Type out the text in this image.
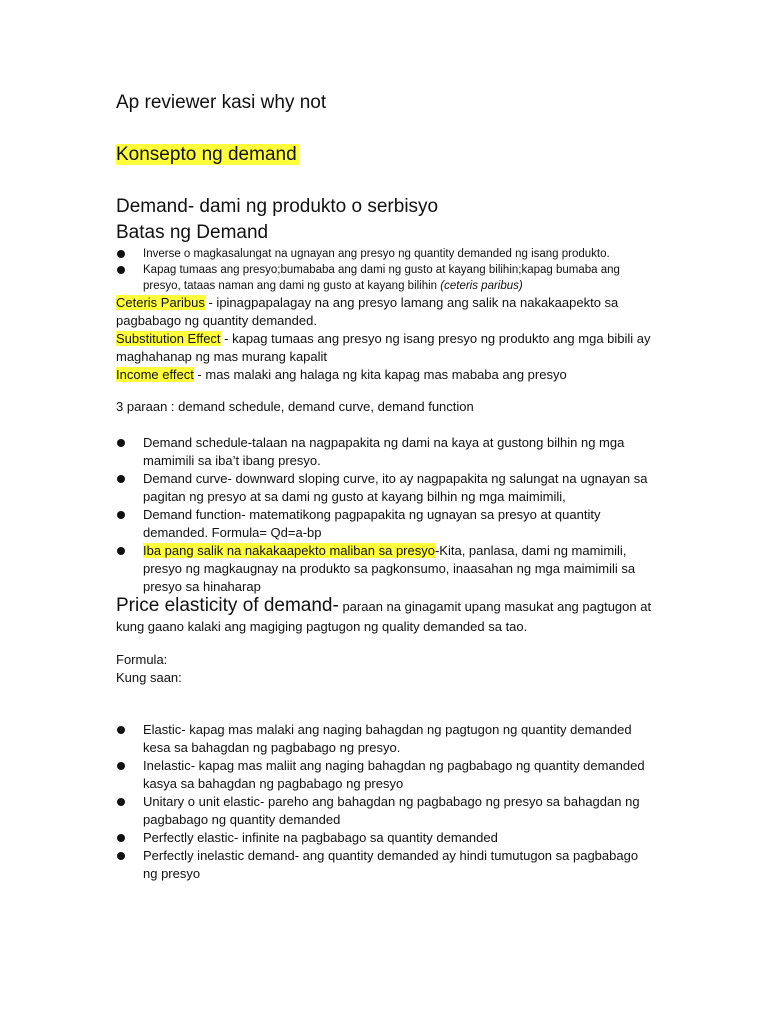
Ap reviewer kasi why not
Konsepto ng demand
Demand- dami ng produkto o serbisyo
Batas ng Demand
Inverse o magkasalungat na ugnayan ang presyo ng quantity demanded ng isang produkto.
Kapag tumaas ang presyo;bumababa ang dami ng gusto at kayang bilihin;kapag bumaba ang presyo, tataas naman ang dami ng gusto at kayang bilihin (ceteris paribus)
Ceteris Paribus - ipinagpapalagay na ang presyo lamang ang salik na nakakaapekto sa pagbabago ng quantity demanded.
Substitution Effect - kapag tumaas ang presyo ng isang presyo ng produkto ang mga bibili ay maghahanap ng mas murang kapalit
Income effect - mas malaki ang halaga ng kita kapag mas mababa ang presyo
3 paraan : demand schedule, demand curve, demand function
Demand schedule-talaan na nagpapakita ng dami na kaya at gustong bilhin ng mga mamimili sa iba’t ibang presyo.
Demand curve- downward sloping curve, ito ay nagpapakita ng salungat na ugnayan sa pagitan ng presyo at sa dami ng gusto at kayang bilhin ng mga maimimili,
Demand function- matematikong pagpapakita ng ugnayan sa presyo at quantity demanded. Formula= Qd=a-bp
Iba pang salik na nakakaapekto maliban sa presyo-Kita, panlasa, dami ng mamimili, presyo ng magkaugnay na produkto sa pagkonsumo, inaasahan ng mga maimimili sa presyo sa hinaharap
Price elasticity of demand- paraan na ginagamit upang masukat ang pagtugon at kung gaano kalaki ang magiging pagtugon ng quality demanded sa tao.
Formula:
Kung saan:
Elastic- kapag mas malaki ang naging bahagdan ng pagtugon ng quantity demanded kesa sa bahagdan ng pagbabago ng presyo.
Inelastic- kapag mas maliit ang naging bahagdan ng pagbabago ng quantity demanded kasya sa bahagdan ng pagbabago ng presyo
Unitary o unit elastic- pareho ang bahagdan ng pagbabago ng presyo sa bahagdan ng pagbabago ng quantity demanded
Perfectly elastic- infinite na pagbabago sa quantity demanded
Perfectly inelastic demand- ang quantity demanded ay hindi tumutugon sa pagbabago ng presyo
